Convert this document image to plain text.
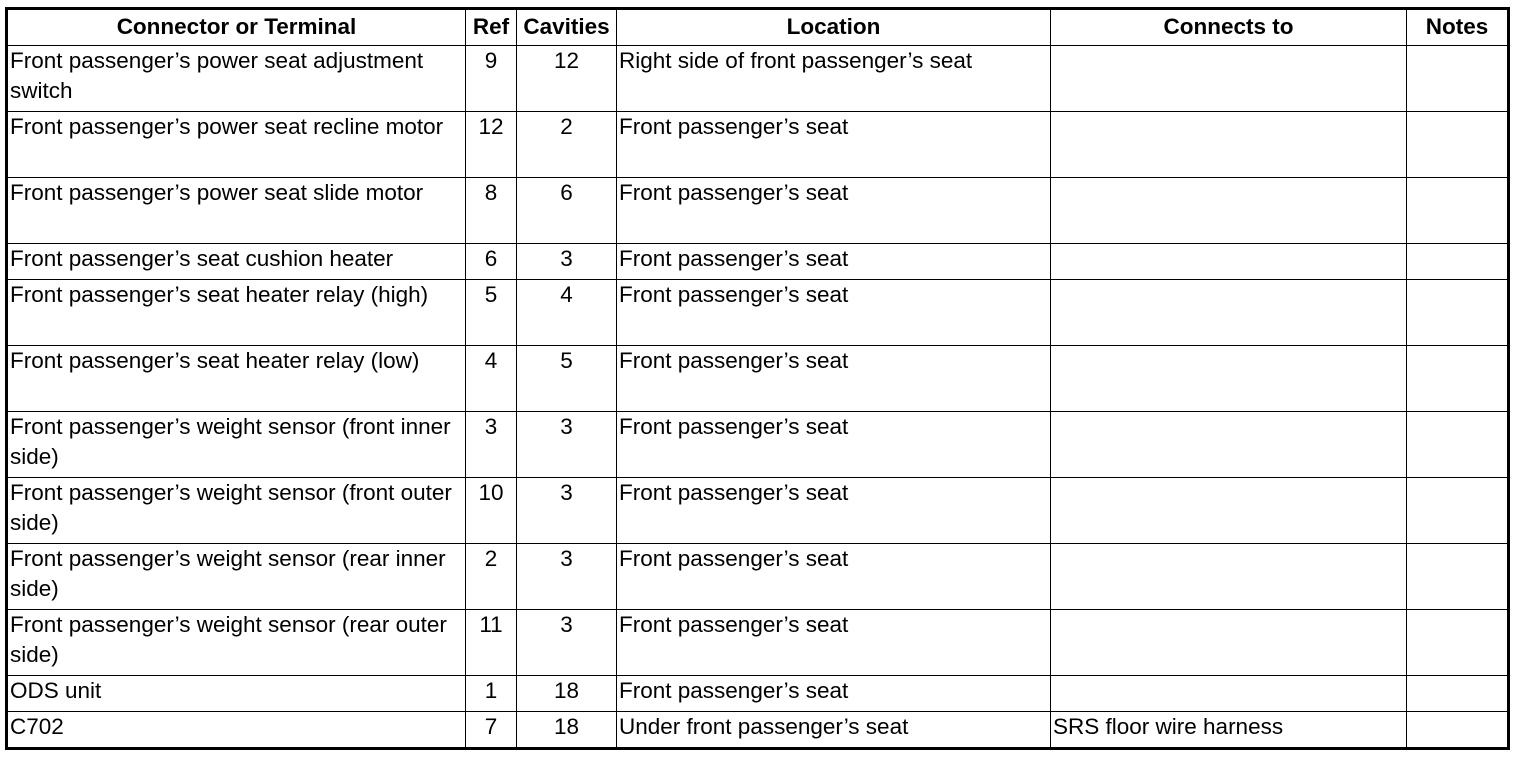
Connector or Terminal	Ref	Cavities	Location	Connects to	Notes
Front passenger’s power seat adjustment switch	9	12	Right side of front passenger’s seat		
Front passenger’s power seat recline motor	12	2	Front passenger’s seat		
Front passenger’s power seat slide motor	8	6	Front passenger’s seat		
Front passenger’s seat cushion heater	6	3	Front passenger’s seat		
Front passenger’s seat heater relay (high)	5	4	Front passenger’s seat		
Front passenger’s seat heater relay (low)	4	5	Front passenger’s seat		
Front passenger’s weight sensor (front inner side)	3	3	Front passenger’s seat		
Front passenger’s weight sensor (front outer side)	10	3	Front passenger’s seat		
Front passenger’s weight sensor (rear inner side)	2	3	Front passenger’s seat		
Front passenger’s weight sensor (rear outer side)	11	3	Front passenger’s seat		
ODS unit	1	18	Front passenger’s seat		
C702	7	18	Under front passenger’s seat	SRS floor wire harness	
